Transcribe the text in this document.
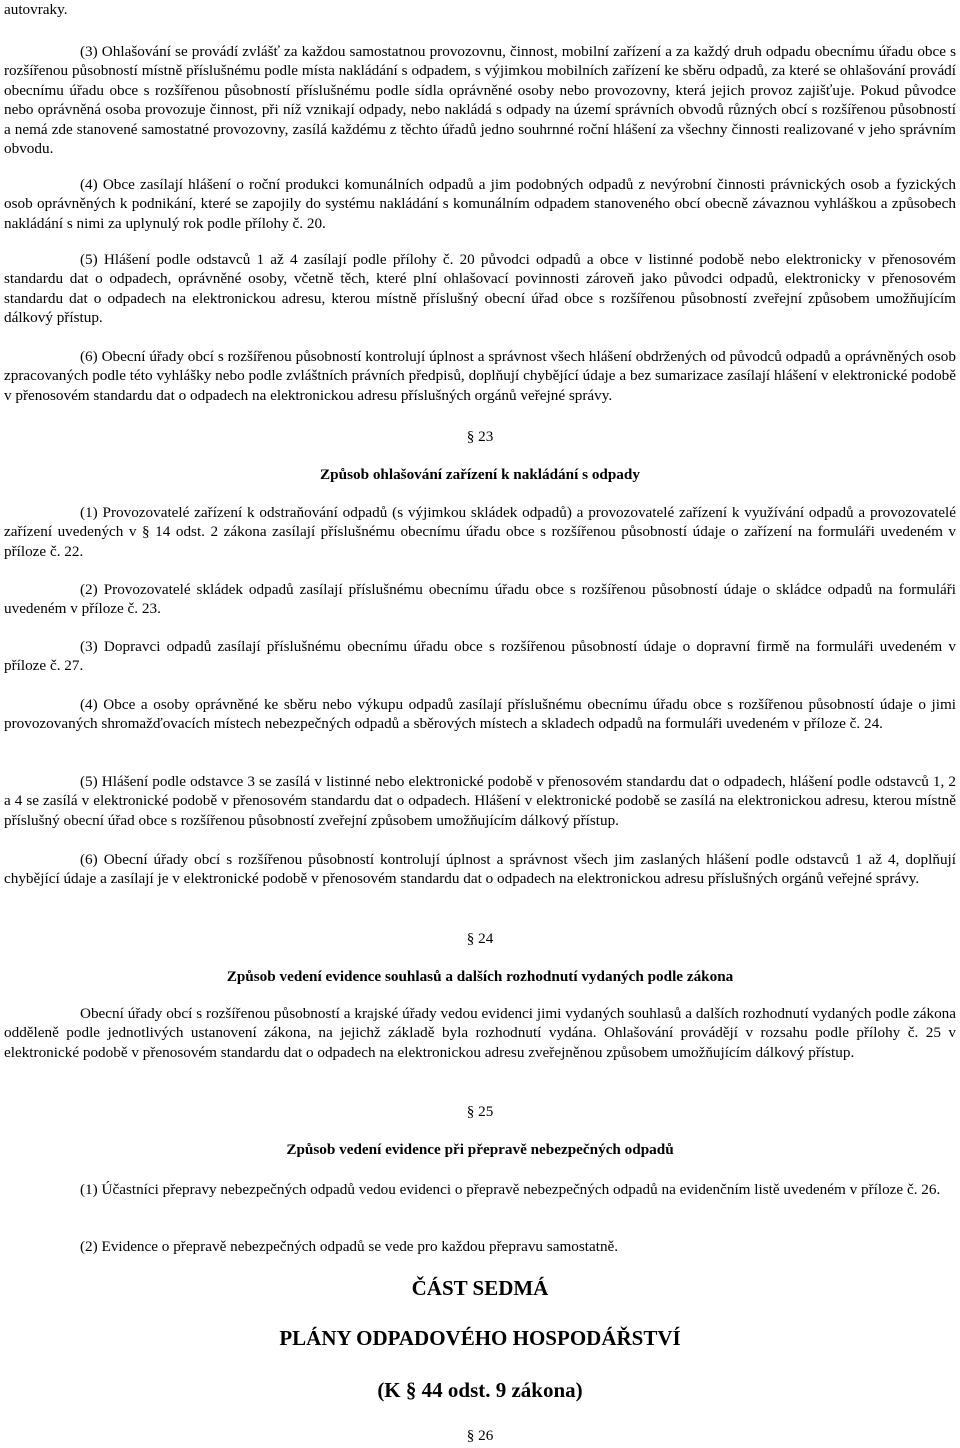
autovraky.

(3) Ohlašování se provádí zvlášť za každou samostatnou provozovnu, činnost, mobilní zařízení a za každý druh odpadu obecnímu úřadu obce s rozšířenou působností místně příslušnému podle místa nakládání s odpadem, s výjimkou mobilních zařízení ke sběru odpadů, za které se ohlašování provádí obecnímu úřadu obce s rozšířenou působností příslušnému podle sídla oprávněné osoby nebo provozovny, která jejich provoz zajišťuje. Pokud původce nebo oprávněná osoba provozuje činnost, při níž vznikají odpady, nebo nakládá s odpady na území správních obvodů různých obcí s rozšířenou působností a nemá zde stanovené samostatné provozovny, zasílá každému z těchto úřadů jedno souhrnné roční hlášení za všechny činnosti realizované v jeho správním obvodu.

(4) Obce zasílají hlášení o roční produkci komunálních odpadů a jim podobných odpadů z nevýrobní činnosti právnických osob a fyzických osob oprávněných k podnikání, které se zapojily do systému nakládání s komunálním odpadem stanoveného obcí obecně závaznou vyhláškou a způsobech nakládání s nimi za uplynulý rok podle přílohy č. 20.

(5) Hlášení podle odstavců 1 až 4 zasílají podle přílohy č. 20 původci odpadů a obce v listinné podobě nebo elektronicky v přenosovém standardu dat o odpadech, oprávněné osoby, včetně těch, které plní ohlašovací povinnosti zároveň jako původci odpadů, elektronicky v přenosovém standardu dat o odpadech na elektronickou adresu, kterou místně příslušný obecní úřad obce s rozšířenou působností zveřejní způsobem umožňujícím dálkový přístup.

(6) Obecní úřady obcí s rozšířenou působností kontrolují úplnost a správnost všech hlášení obdržených od původců odpadů a oprávněných osob zpracovaných podle této vyhlášky nebo podle zvláštních právních předpisů, doplňují chybějící údaje a bez sumarizace zasílají hlášení v elektronické podobě v přenosovém standardu dat o odpadech na elektronickou adresu příslušných orgánů veřejné správy.

§ 23

Způsob ohlašování zařízení k nakládání s odpady

(1) Provozovatelé zařízení k odstraňování odpadů (s výjimkou skládek odpadů) a provozovatelé zařízení k využívání odpadů a provozovatelé zařízení uvedených v § 14 odst. 2 zákona zasílají příslušnému obecnímu úřadu obce s rozšířenou působností údaje o zařízení na formuláři uvedeném v příloze č. 22.

(2) Provozovatelé skládek odpadů zasílají příslušnému obecnímu úřadu obce s rozšířenou působností údaje o skládce odpadů na formuláři uvedeném v příloze č. 23.

(3) Dopravci odpadů zasílají příslušnému obecnímu úřadu obce s rozšířenou působností údaje o dopravní firmě na formuláři uvedeném v příloze č. 27.

(4) Obce a osoby oprávněné ke sběru nebo výkupu odpadů zasílají příslušnému obecnímu úřadu obce s rozšířenou působností údaje o jimi provozovaných shromažďovacích místech nebezpečných odpadů a sběrových místech a skladech odpadů na formuláři uvedeném v příloze č. 24.

(5) Hlášení podle odstavce 3 se zasílá v listinné nebo elektronické podobě v přenosovém standardu dat o odpadech, hlášení podle odstavců 1, 2 a 4 se zasílá v elektronické podobě v přenosovém standardu dat o odpadech. Hlášení v elektronické podobě se zasílá na elektronickou adresu, kterou místně příslušný obecní úřad obce s rozšířenou působností zveřejní způsobem umožňujícím dálkový přístup.

(6) Obecní úřady obcí s rozšířenou působností kontrolují úplnost a správnost všech jim zaslaných hlášení podle odstavců 1 až 4, doplňují chybějící údaje a zasílají je v elektronické podobě v přenosovém standardu dat o odpadech na elektronickou adresu příslušných orgánů veřejné správy.

§ 24

Způsob vedení evidence souhlasů a dalších rozhodnutí vydaných podle zákona

Obecní úřady obcí s rozšířenou působností a krajské úřady vedou evidenci jimi vydaných souhlasů a dalších rozhodnutí vydaných podle zákona odděleně podle jednotlivých ustanovení zákona, na jejichž základě byla rozhodnutí vydána. Ohlašování provádějí v rozsahu podle přílohy č. 25 v elektronické podobě v přenosovém standardu dat o odpadech na elektronickou adresu zveřejněnou způsobem umožňujícím dálkový přístup.

§ 25

Způsob vedení evidence při přepravě nebezpečných odpadů

(1) Účastníci přepravy nebezpečných odpadů vedou evidenci o přepravě nebezpečných odpadů na evidenčním listě uvedeném v příloze č. 26.

(2) Evidence o přepravě nebezpečných odpadů se vede pro každou přepravu samostatně.

ČÁST SEDMÁ

PLÁNY ODPADOVÉHO HOSPODÁŘSTVÍ

(K § 44 odst. 9 zákona)

§ 26
